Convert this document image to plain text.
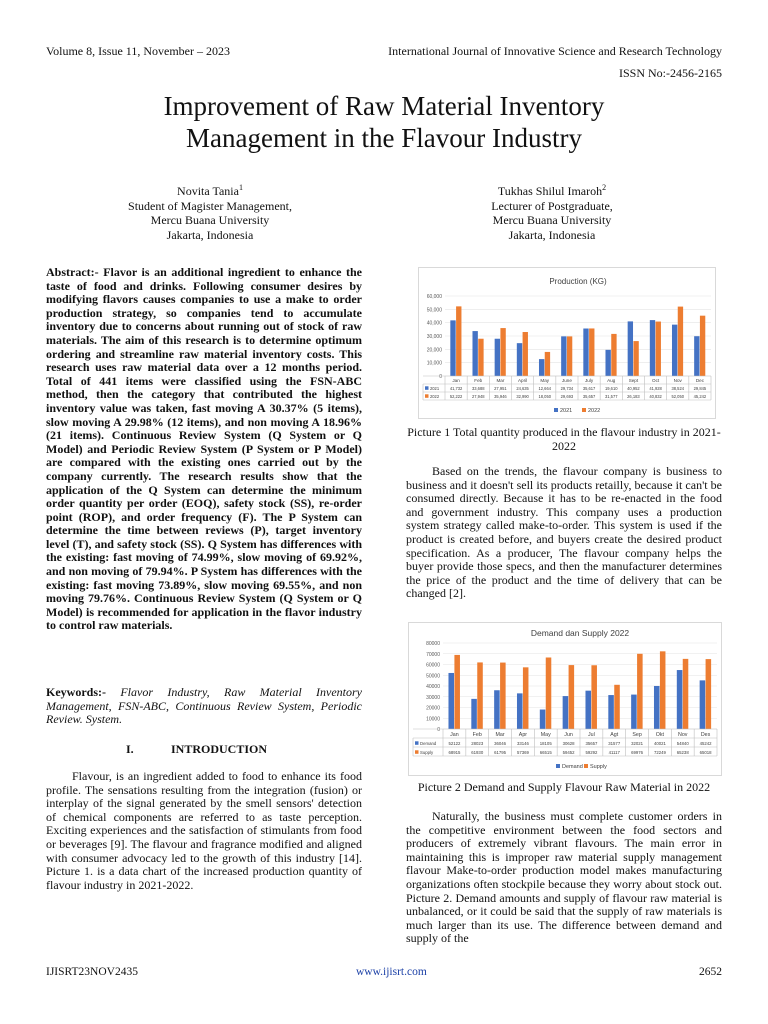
Volume 8, Issue 11, November – 2023	International Journal of Innovative Science and Research Technology
ISSN No:-2456-2165
Improvement of Raw Material Inventory
Management in the Flavour Industry
Novita Tania$^1$
Student of Magister Management,
Mercu Buana University
Jakarta, Indonesia
Tukhas Shilul Imaroh$^2$
Lecturer of Postgraduate,
Mercu Buana University
Jakarta, Indonesia
Abstract:- Flavor is an additional ingredient to enhance the taste of food and drinks. Following consumer desires by modifying flavors causes companies to use a make to order production strategy, so companies tend to accumulate inventory due to concerns about running out of stock of raw materials. The aim of this research is to determine optimum ordering and streamline raw material inventory costs. This research uses raw material data over a 12 months period. Total of 441 items were classified using the FSN-ABC method, then the category that contributed the highest inventory value was taken, fast moving A 30.37% (5 items), slow moving A 29.98% (12 items), and non moving A 18.96% (21 items). Continuous Review System (Q System or Q Model) and Periodic Review System (P System or P Model) are compared with the existing ones carried out by the company currently. The research results show that the application of the Q System can determine the minimum order quantity per order (EOQ), safety stock (SS), re-order point (ROP), and order frequency (F). The P System can determine the time between reviews (P), target inventory level (T), and safety stock (SS). Q System has differences with the existing: fast moving of 74.99%, slow moving of 69.92%, and non moving of 79.94%. P System has differences with the existing: fast moving 73.89%, slow moving 69.55%, and non moving 79.76%. Continuous Review System (Q System or Q Model) is recommended for application in the flavor industry to control raw materials.
Keywords:- Flavor Industry, Raw Material Inventory Management, FSN-ABC, Continuous Review System, Periodic Review. System.
I.	INTRODUCTION
Flavour, is an ingredient added to food to enhance its food profile. The sensations resulting from the integration (fusion) or interplay of the signal generated by the smell sensors' detection of chemical components are referred to as taste perception. Exciting experiences and the satisfaction of stimulants from food or beverages [9]. The flavour and fragrance modified and aligned with consumer advocacy led to the growth of this industry [14]. Picture 1. is a data chart of the increased production quantity of flavour industry in 2021-2022.
Production (KG)
0
10,000
20,000
30,000
40,000
50,000
60,000
Jan	Feb	Mar	April	May	June	July	Aug	Sept	Oct	Nov	Dec
2021	41,732 33,688 27,951 24,635 12,664 29,734 35,617 19,610 40,952 41,928 38,524 29,845
2022	52,222 27,948 35,946 32,990 18,050 29,693 35,657 31,577 26,183 40,832 52,050 45,242
2021	2022
Picture 1 Total quantity produced in the flavour industry in 2021-2022
Based on the trends, the flavour company is business to business and it doesn't sell its products retailly, because it can't be consumed directly. Because it has to be re-enacted in the food and government industry. This company uses a production system strategy called make-to-order. This system is used if the product is created before, and buyers create the desired product specification. As a producer, The flavour company helps the buyer provide those specs, and then the manufacturer determines the price of the product and the time of delivery that can be changed [2].
Demand dan Supply 2022
0
10000
20000
30000
40000
50000
60000
70000
80000
Jan	Feb	Mar	Apr	May	Jun	Jul	Agt	Sep	Okt	Nov	Des
Demand	52122	28023	36046	33146	18105	30628	35657	31577	32021	40021	54840	45242
Supply	68915	61930	61795	57369	66515	59452	59292	41117	69976	72249	65238	65018
Demand Supply
Picture 2 Demand and Supply Flavour Raw Material in 2022
Naturally, the business must complete customer orders in the competitive environment between the food sectors and producers of extremely vibrant flavours. The main error in maintaining this is improper raw material supply management flavour Make-to-order production model makes manufacturing organizations often stockpile because they worry about stock out. Picture 2. Demand amounts and supply of flavour raw material is unbalanced, or it could be said that the supply of raw materials is much larger than its use. The difference between demand and supply of the
IJISRT23NOV2435	www.ijisrt.com	2652
